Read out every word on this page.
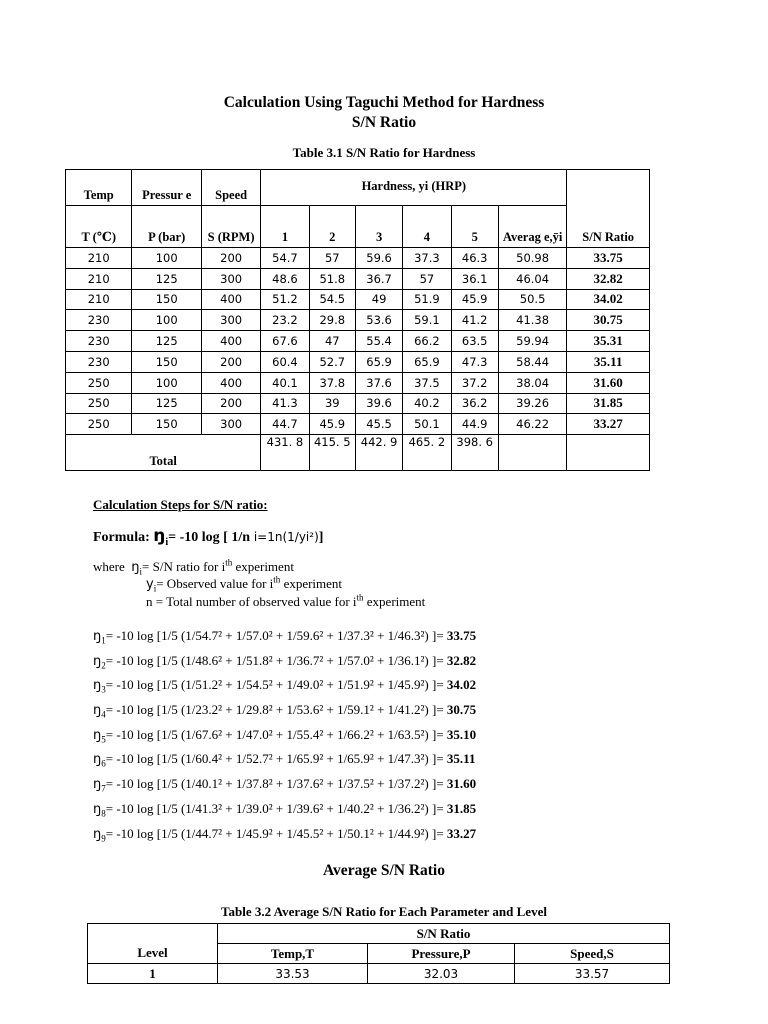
Calculation Using Taguchi Method for Hardness
S/N Ratio
Table 3.1 S/N Ratio for Hardness
Temp	Pressur e	Speed	Hardness, yi (HRP)						S/N Ratio
T (℃)	P (bar)	S (RPM)	1	2	3	4	5	Averag e,ȳi	
210	100	200	54.7	57	59.6	37.3	46.3	50.98	33.75
210	125	300	48.6	51.8	36.7	57	36.1	46.04	32.82
210	150	400	51.2	54.5	49	51.9	45.9	50.5	34.02
230	100	300	23.2	29.8	53.6	59.1	41.2	41.38	30.75
230	125	400	67.6	47	55.4	66.2	63.5	59.94	35.31
230	150	200	60.4	52.7	65.9	65.9	47.3	58.44	35.11
250	100	400	40.1	37.8	37.6	37.5	37.2	38.04	31.60
250	125	200	41.3	39	39.6	40.2	36.2	39.26	31.85
250	150	300	44.7	45.9	45.5	50.1	44.9	46.22	33.27
Total			431. 8	415. 5	442. 9	465. 2	398. 6		
Calculation Steps for S/N ratio:
Formula: $ŋ_i= -10$ log [ 1/n i=1n(1/yi²)]
where $ŋ_i= S/N$ ratio for $i^{th}$ experiment
$y_i=$ Observed value for $i^{th}$ experiment
n = Total number of observed value for $i^{th}$ experiment
$ŋ_1= -10$ log [1/5 (1/54.7² + 1/57.0² + 1/59.6² + 1/37.3² + 1/46.3²) ]= 33.75
$ŋ_2= -10$ log [1/5 (1/48.6² + 1/51.8² + 1/36.7² + 1/57.0² + 1/36.1²) ]= 32.82
$ŋ_3= -10$ log [1/5 (1/51.2² + 1/54.5² + 1/49.0² + 1/51.9² + 1/45.9²) ]= 34.02
$ŋ_4= -10$ log [1/5 (1/23.2² + 1/29.8² + 1/53.6² + 1/59.1² + 1/41.2²) ]= 30.75
$ŋ_5= -10$ log [1/5 (1/67.6² + 1/47.0² + 1/55.4² + 1/66.2² + 1/63.5²) ]= 35.10
$ŋ_6= -10$ log [1/5 (1/60.4² + 1/52.7² + 1/65.9² + 1/65.9² + 1/47.3²) ]= 35.11
$ŋ_7= -10$ log [1/5 (1/40.1² + 1/37.8² + 1/37.6² + 1/37.5² + 1/37.2²) ]= 31.60
$ŋ_8= -10$ log [1/5 (1/41.3² + 1/39.0² + 1/39.6² + 1/40.2² + 1/36.2²) ]= 31.85
$ŋ_9= -10$ log [1/5 (1/44.7² + 1/45.9² + 1/45.5² + 1/50.1² + 1/44.9²) ]= 33.27
Average S/N Ratio
Table 3.2 Average S/N Ratio for Each Parameter and Level
	S/N Ratio		
Level	Temp,T	Pressure,P	Speed,S
1	33.53	32.03	33.57
